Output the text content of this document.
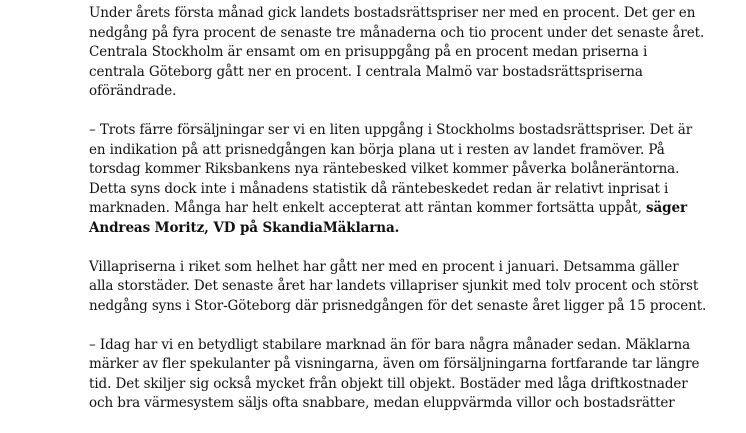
Under årets första månad gick landets bostadsrättspriser ner med en procent. Det ger en
nedgång på fyra procent de senaste tre månaderna och tio procent under det senaste året.
Centrala Stockholm är ensamt om en prisuppgång på en procent medan priserna i
centrala Göteborg gått ner en procent. I centrala Malmö var bostadsrättspriserna
oförändrade.

– Trots färre försäljningar ser vi en liten uppgång i Stockholms bostadsrättspriser. Det är
en indikation på att prisnedgången kan börja plana ut i resten av landet framöver. På
torsdag kommer Riksbankens nya räntebesked vilket kommer påverka bolåneräntorna.
Detta syns dock inte i månadens statistik då räntebeskedet redan är relativt inprisat i
marknaden. Många har helt enkelt accepterat att räntan kommer fortsätta uppåt, säger
Andreas Moritz, VD på SkandiaMäklarna.

Villapriserna i riket som helhet har gått ner med en procent i januari. Detsamma gäller
alla storstäder. Det senaste året har landets villapriser sjunkit med tolv procent och störst
nedgång syns i Stor-Göteborg där prisnedgången för det senaste året ligger på 15 procent.

– Idag har vi en betydligt stabilare marknad än för bara några månader sedan. Mäklarna
märker av fler spekulanter på visningarna, även om försäljningarna fortfarande tar längre
tid. Det skiljer sig också mycket från objekt till objekt. Bostäder med låga driftkostnader
och bra värmesystem säljs ofta snabbare, medan eluppvärmda villor och bostadsrätter
